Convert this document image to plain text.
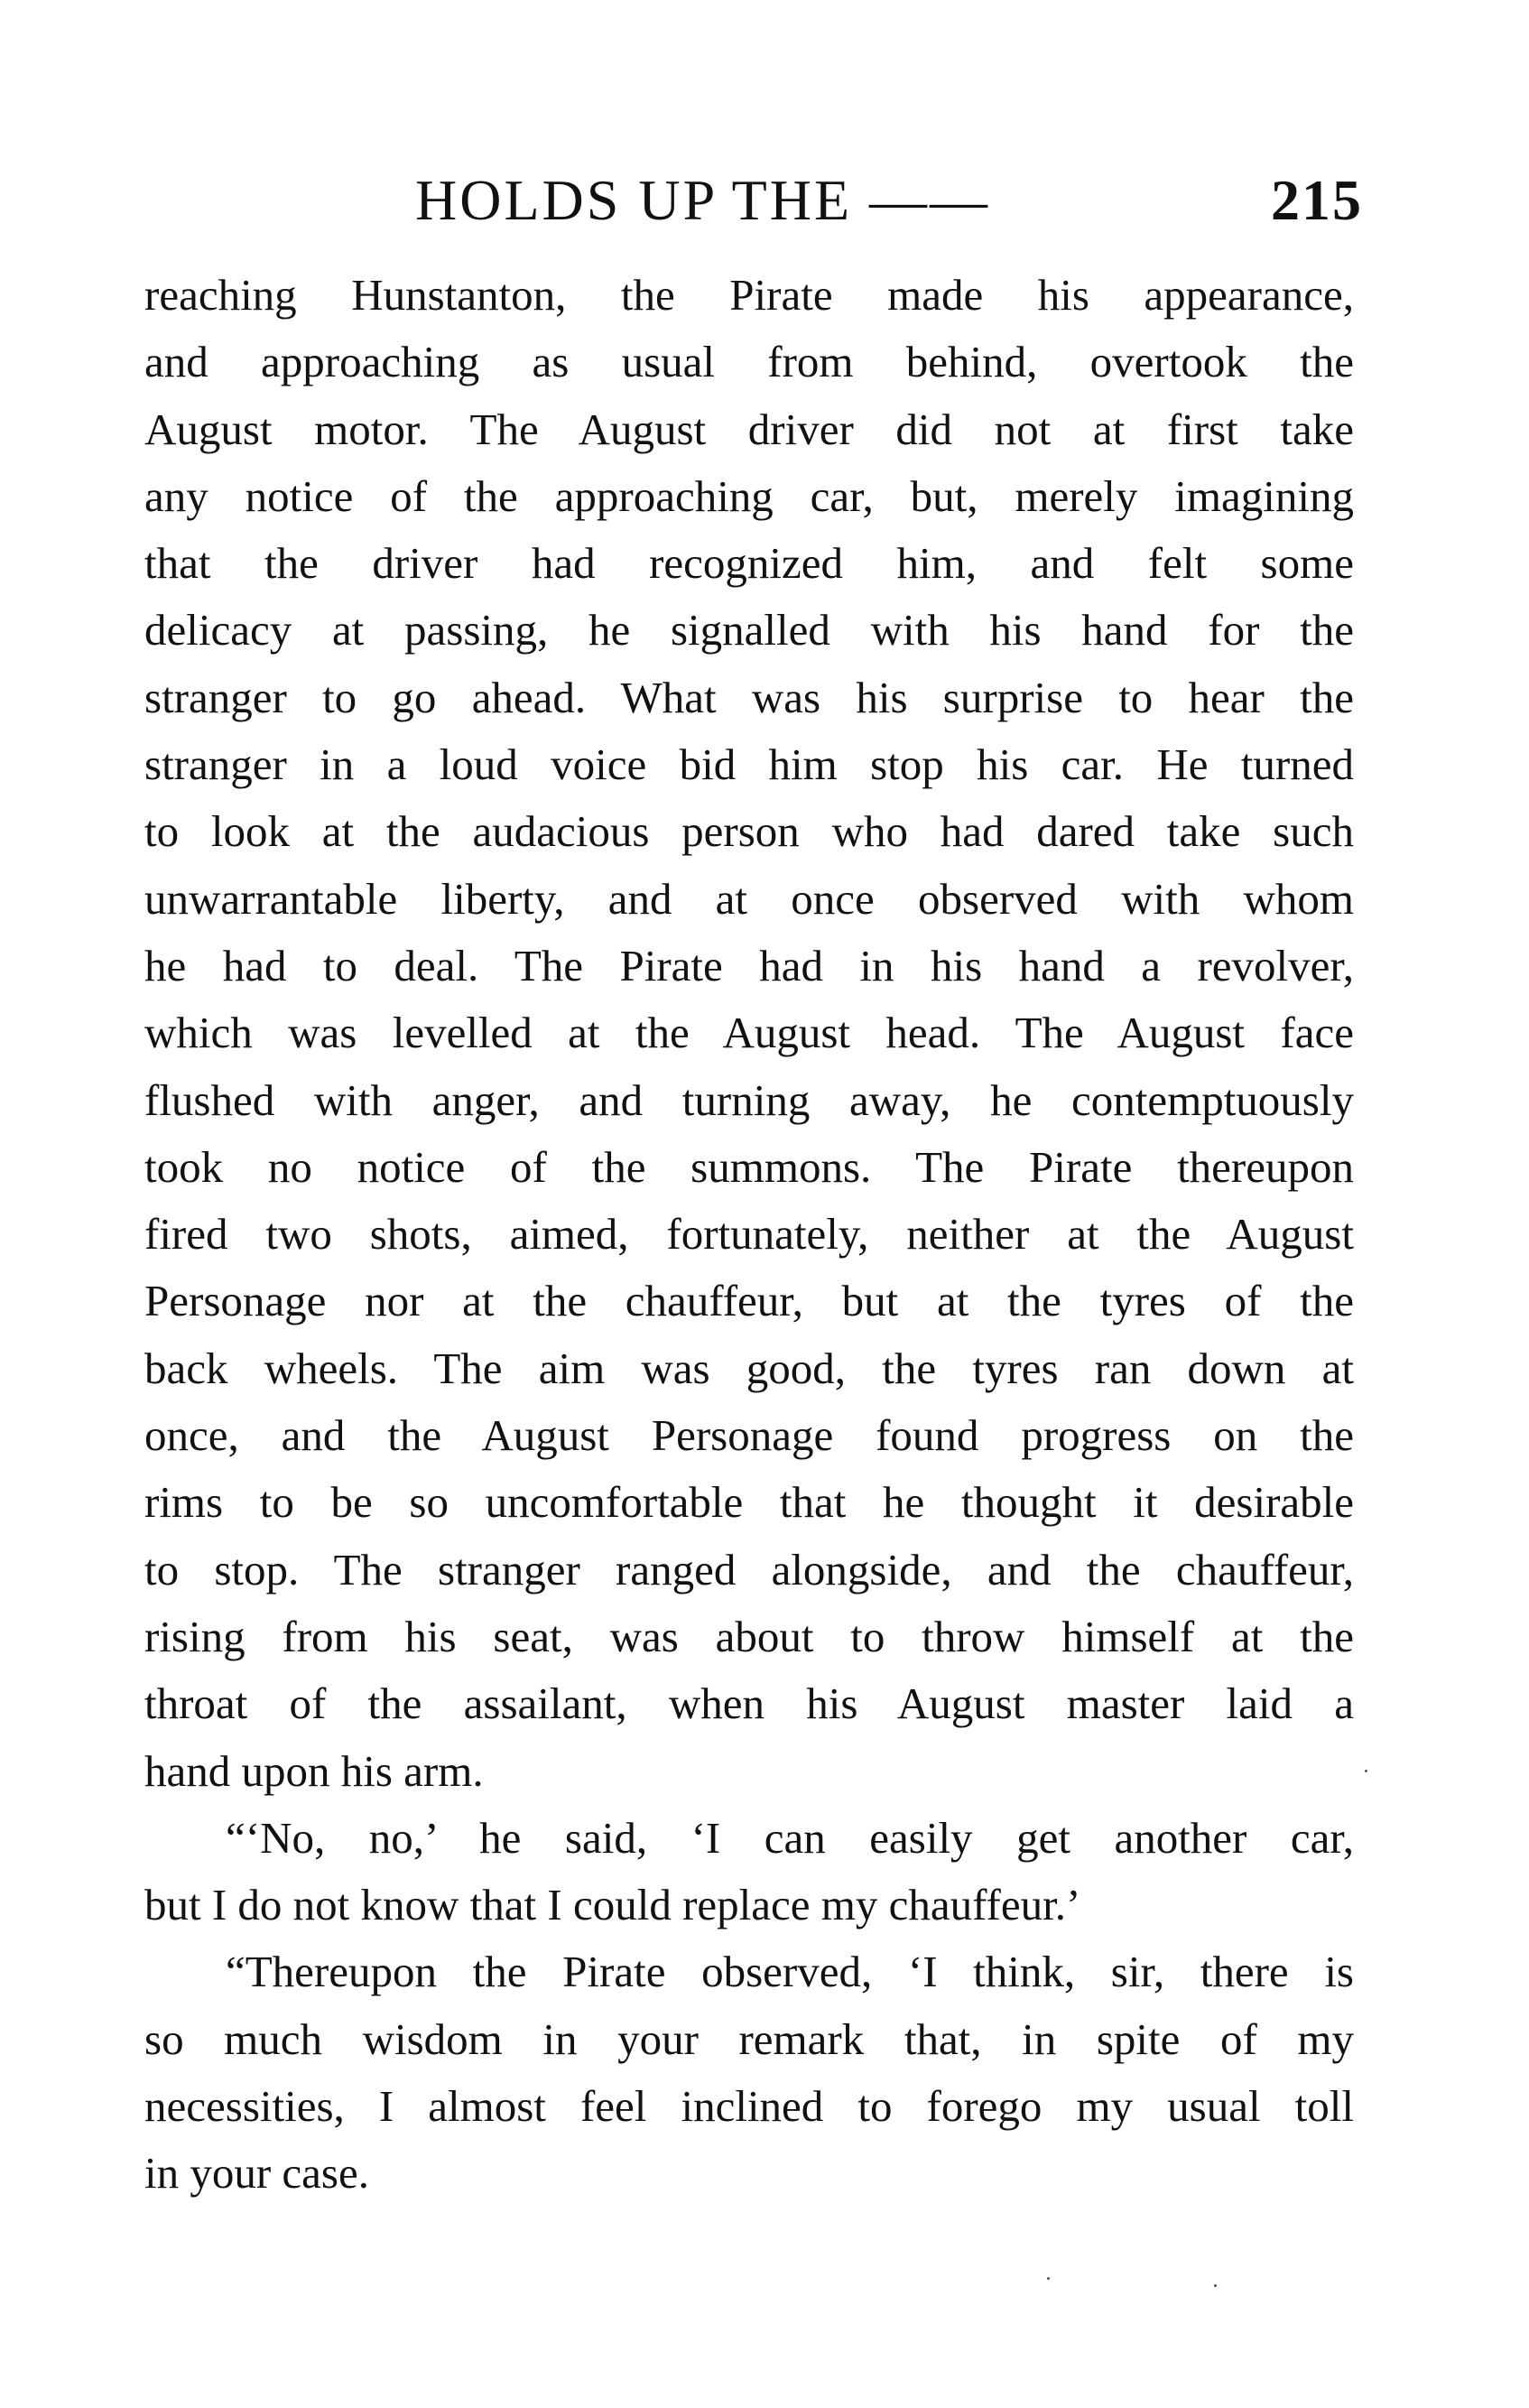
HOLDS UP THE ——	215
reaching Hunstanton, the Pirate made his appearance,
and approaching as usual from behind, overtook the
August motor. The August driver did not at first take
any notice of the approaching car, but, merely imagining
that the driver had recognized him, and felt some
delicacy at passing, he signalled with his hand for the
stranger to go ahead. What was his surprise to hear the
stranger in a loud voice bid him stop his car. He turned
to look at the audacious person who had dared take such
unwarrantable liberty, and at once observed with whom
he had to deal. The Pirate had in his hand a revolver,
which was levelled at the August head. The August face
flushed with anger, and turning away, he contemptuously
took no notice of the summons. The Pirate thereupon
fired two shots, aimed, fortunately, neither at the August
Personage nor at the chauffeur, but at the tyres of the
back wheels. The aim was good, the tyres ran down at
once, and the August Personage found progress on the
rims to be so uncomfortable that he thought it desirable
to stop. The stranger ranged alongside, and the chauffeur,
rising from his seat, was about to throw himself at the
throat of the assailant, when his August master laid a
hand upon his arm.
“‘No, no,’ he said, ‘I can easily get another car,
but I do not know that I could replace my chauffeur.’
“Thereupon the Pirate observed, ‘I think, sir, there is
so much wisdom in your remark that, in spite of my
necessities, I almost feel inclined to forego my usual toll
in your case.
